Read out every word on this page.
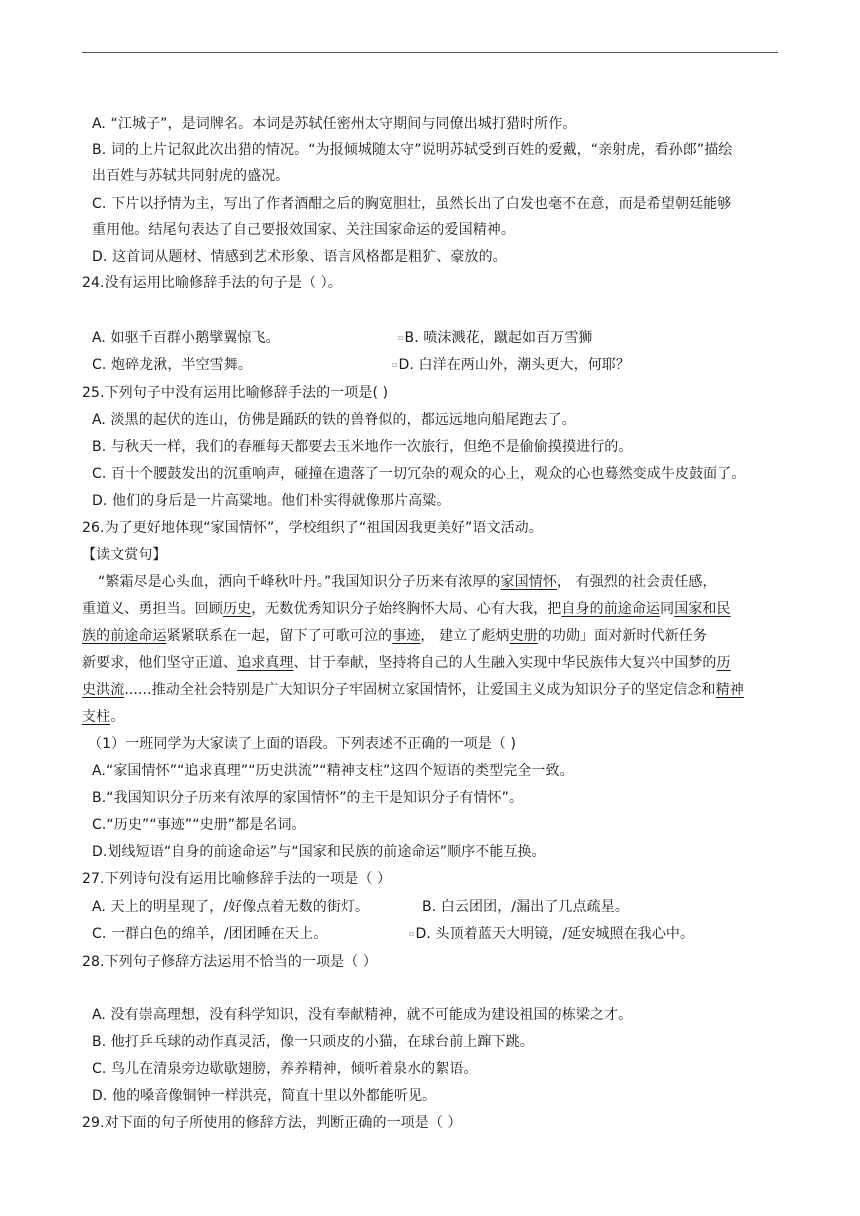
A. “江城子”，是词牌名。本词是苏轼任密州太守期间与同僚出城打猎时所作。
B. 词的上片记叙此次出猎的情况。“为报倾城随太守”说明苏轼受到百姓的爱戴，“亲射虎，看孙郎”描绘
出百姓与苏轼共同射虎的盛况。
C. 下片以抒情为主，写出了作者酒酣之后的胸宽胆壮，虽然长出了白发也毫不在意，而是希望朝廷能够
重用他。结尾句表达了自己要报效国家、关注国家命运的爱国精神。
D. 这首词从题材、情感到艺术形象、语言风格都是粗犷、豪放的。
24.没有运用比喻修辞手法的句子是（ ）。
A. 如驱千百群小鹅擘翼惊飞。	▫B. 喷沫溅花，蹴起如百万雪狮
C. 炮碎龙湫，半空雪舞。	▫D. 白洋在两山外，潮头更大，何耶？
25.下列句子中没有运用比喻修辞手法的一项是( )
A. 淡黑的起伏的连山，仿佛是踊跃的铁的兽脊似的，都远远地向船尾跑去了。
B. 与秋天一样，我们的春雁每天都要去玉米地作一次旅行，但绝不是偷偷摸摸进行的。
C. 百十个腰鼓发出的沉重响声，碰撞在遗落了一切冗杂的观众的心上，观众的心也蓦然变成牛皮鼓面了。
D. 他们的身后是一片高粱地。他们朴实得就像那片高粱。
26.为了更好地体现“家国情怀”，学校组织了“祖国因我更美好”语文活动。
【读文赏句】
“繁霜尽是心头血，洒向千峰秋叶丹。”我国知识分子历来有浓厚的家国情怀， 有强烈的社会责任感，
重道义、勇担当。回顾历史，无数优秀知识分子始终胸怀大局、心有大我，把自身的前途命运同国家和民
族的前途命运紧紧联系在一起，留下了可歌可泣的事迹， 建立了彪炳史册的功勋」面对新时代新任务
新要求，他们坚守正道、追求真理、甘于奉献，坚持将自己的人生融入实现中华民族伟大复兴中国梦的历
史洪流......推动全社会特别是广大知识分子牢固树立家国情怀，让爱国主义成为知识分子的坚定信念和精神
支柱。
（1）一班同学为大家读了上面的语段。下列表述不正确的一项是（ )
A.“家国情怀”“追求真理”“历史洪流”“精神支柱”这四个短语的类型完全一致。
B.“我国知识分子历来有浓厚的家国情怀”的主干是知识分子有情怀”。
C.“历史”“事迹”“史册”都是名词。
D.划线短语“自身的前途命运”与“国家和民族的前途命运”顺序不能互换。
27.下列诗句没有运用比喻修辞手法的一项是（ ）
A. 天上的明星现了，/好像点着无数的街灯。	B. 白云团团，/漏出了几点疏星。
C. 一群白色的绵羊，/团团睡在天上。	▫D. 头顶着蓝天大明镜，/延安城照在我心中。
28.下列句子修辞方法运用不恰当的一项是（ ）
A. 没有崇高理想，没有科学知识，没有奉献精神，就不可能成为建设祖国的栋梁之才。
B. 他打乒乓球的动作真灵活，像一只顽皮的小猫，在球台前上蹿下跳。
C. 鸟儿在清泉旁边歇歇翅膀，养养精神，倾听着泉水的絮语。
D. 他的嗓音像铜钟一样洪亮，简直十里以外都能听见。
29.对下面的句子所使用的修辞方法，判断正确的一项是（ ）
